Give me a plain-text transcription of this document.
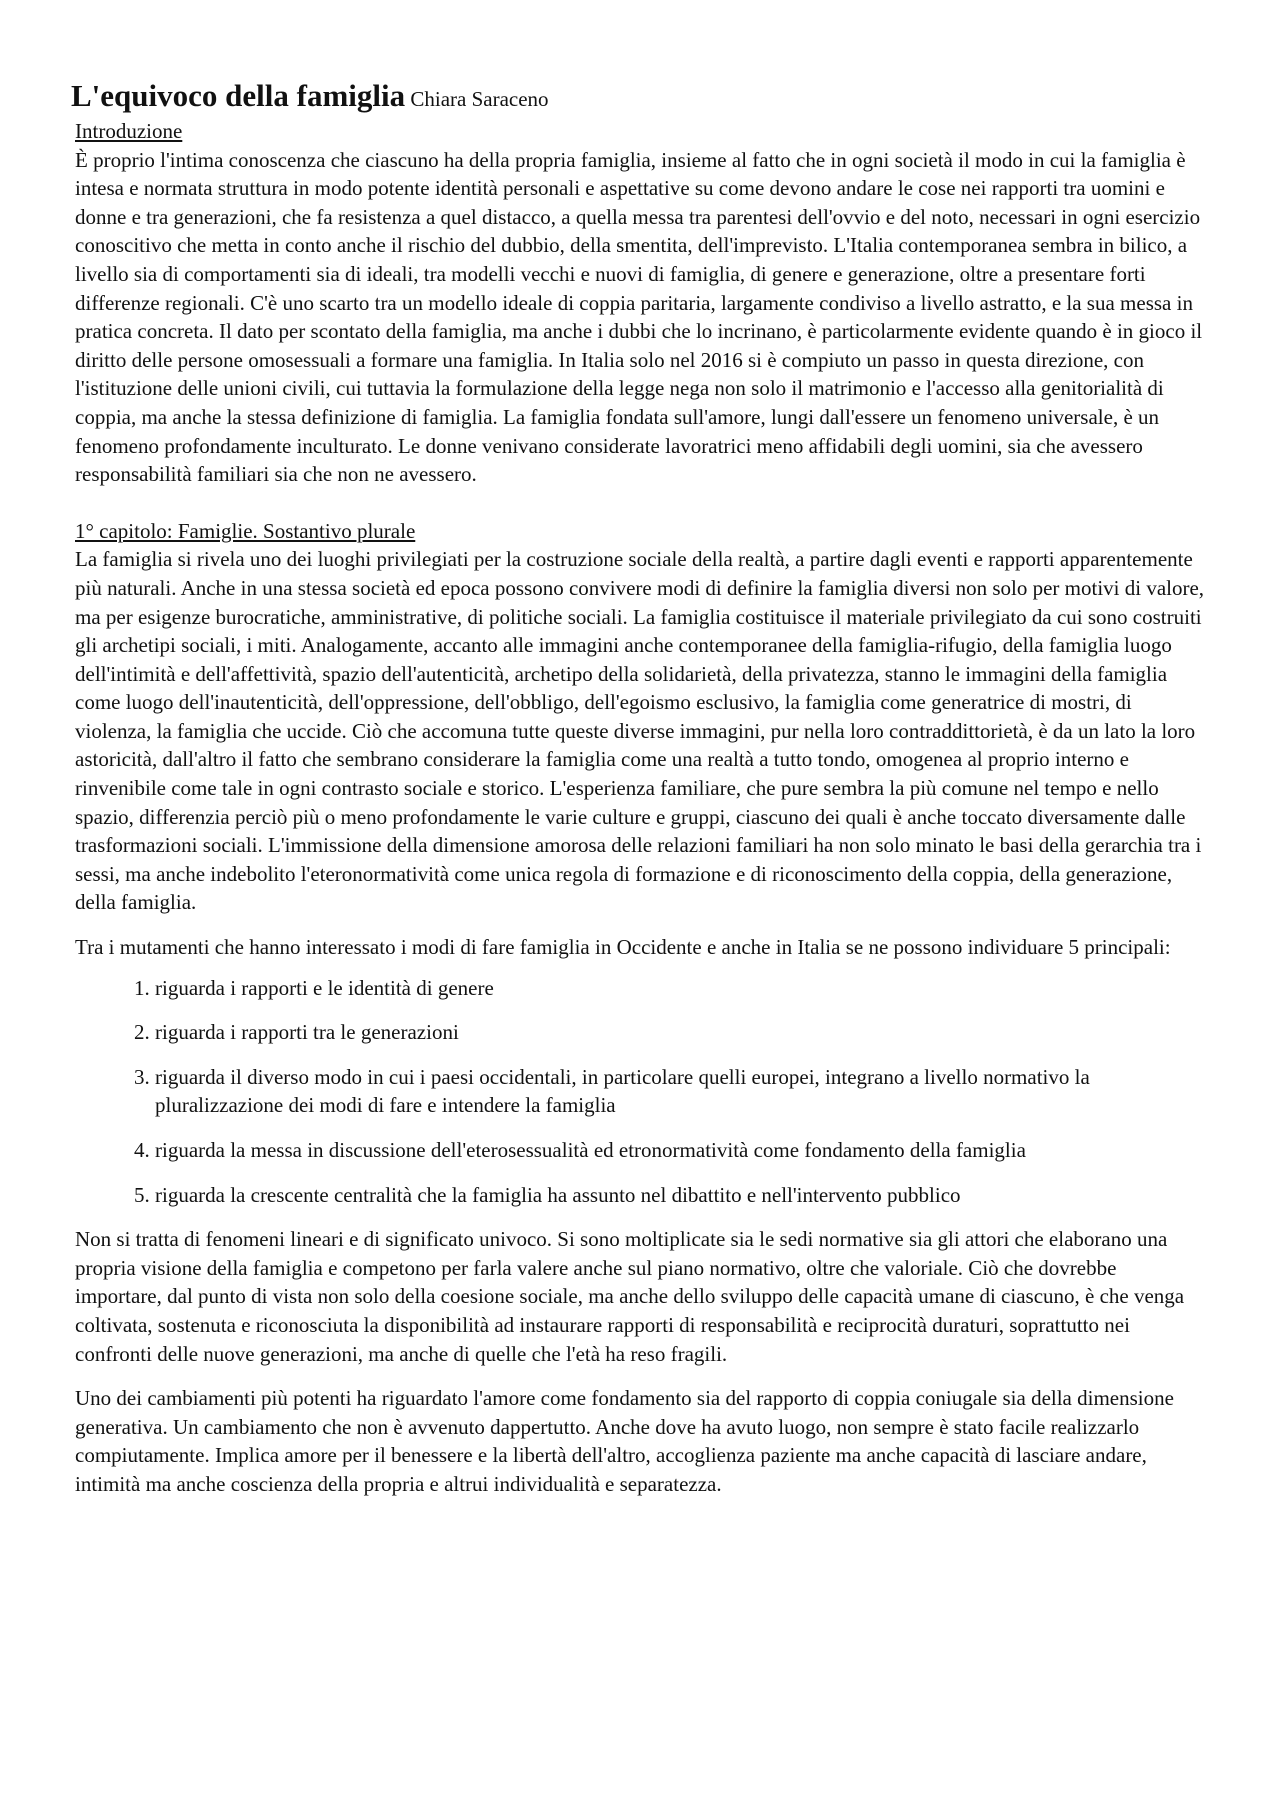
L'equivoco della famiglia Chiara Saraceno
Introduzione

È proprio l'intima conoscenza che ciascuno ha della propria famiglia, insieme al fatto che in ogni società il modo in cui la famiglia è intesa e normata struttura in modo potente identità personali e aspettative su come devono andare le cose nei rapporti tra uomini e donne e tra generazioni, che fa resistenza a quel distacco, a quella messa tra parentesi dell'ovvio e del noto, necessari in ogni esercizio conoscitivo che metta in conto anche il rischio del dubbio, della smentita, dell'imprevisto. L'Italia contemporanea sembra in bilico, a livello sia di comportamenti sia di ideali, tra modelli vecchi e nuovi di famiglia, di genere e generazione, oltre a presentare forti differenze regionali. C'è uno scarto tra un modello ideale di coppia paritaria, largamente condiviso a livello astratto, e la sua messa in pratica concreta. Il dato per scontato della famiglia, ma anche i dubbi che lo incrinano, è particolarmente evidente quando è in gioco il diritto delle persone omosessuali a formare una famiglia. In Italia solo nel 2016 si è compiuto un passo in questa direzione, con l'istituzione delle unioni civili, cui tuttavia la formulazione della legge nega non solo il matrimonio e l'accesso alla genitorialità di coppia, ma anche la stessa definizione di famiglia. La famiglia fondata sull'amore, lungi dall'essere un fenomeno universale, è un fenomeno profondamente inculturato. Le donne venivano considerate lavoratrici meno affidabili degli uomini, sia che avessero responsabilità familiari sia che non ne avessero.

1° capitolo: Famiglie. Sostantivo plurale

La famiglia si rivela uno dei luoghi privilegiati per la costruzione sociale della realtà, a partire dagli eventi e rapporti apparentemente più naturali. Anche in una stessa società ed epoca possono convivere modi di definire la famiglia diversi non solo per motivi di valore, ma per esigenze burocratiche, amministrative, di politiche sociali. La famiglia costituisce il materiale privilegiato da cui sono costruiti gli archetipi sociali, i miti. Analogamente, accanto alle immagini anche contemporanee della famiglia-rifugio, della famiglia luogo dell'intimità e dell'affettività, spazio dell'autenticità, archetipo della solidarietà, della privatezza, stanno le immagini della famiglia come luogo dell'inautenticità, dell'oppressione, dell'obbligo, dell'egoismo esclusivo, la famiglia come generatrice di mostri, di violenza, la famiglia che uccide. Ciò che accomuna tutte queste diverse immagini, pur nella loro contraddittorietà, è da un lato la loro astoricità, dall'altro il fatto che sembrano considerare la famiglia come una realtà a tutto tondo, omogenea al proprio interno e rinvenibile come tale in ogni contrasto sociale e storico. L'esperienza familiare, che pure sembra la più comune nel tempo e nello spazio, differenzia perciò più o meno profondamente le varie culture e gruppi, ciascuno dei quali è anche toccato diversamente dalle trasformazioni sociali. L'immissione della dimensione amorosa delle relazioni familiari ha non solo minato le basi della gerarchia tra i sessi, ma anche indebolito l'eteronormatività come unica regola di formazione e di riconoscimento della coppia, della generazione, della famiglia.

Tra i mutamenti che hanno interessato i modi di fare famiglia in Occidente e anche in Italia se ne possono individuare 5 principali:

1. riguarda i rapporti e le identità di genere
2. riguarda i rapporti tra le generazioni
3. riguarda il diverso modo in cui i paesi occidentali, in particolare quelli europei, integrano a livello normativo la pluralizzazione dei modi di fare e intendere la famiglia
4. riguarda la messa in discussione dell'eterosessualità ed etronormatività come fondamento della famiglia
5. riguarda la crescente centralità che la famiglia ha assunto nel dibattito e nell'intervento pubblico

Non si tratta di fenomeni lineari e di significato univoco. Si sono moltiplicate sia le sedi normative sia gli attori che elaborano una propria visione della famiglia e competono per farla valere anche sul piano normativo, oltre che valoriale. Ciò che dovrebbe importare, dal punto di vista non solo della coesione sociale, ma anche dello sviluppo delle capacità umane di ciascuno, è che venga coltivata, sostenuta e riconosciuta la disponibilità ad instaurare rapporti di responsabilità e reciprocità duraturi, soprattutto nei confronti delle nuove generazioni, ma anche di quelle che l'età ha reso fragili.

Uno dei cambiamenti più potenti ha riguardato l'amore come fondamento sia del rapporto di coppia coniugale sia della dimensione generativa. Un cambiamento che non è avvenuto dappertutto. Anche dove ha avuto luogo, non sempre è stato facile realizzarlo compiutamente. Implica amore per il benessere e la libertà dell'altro, accoglienza paziente ma anche capacità di lasciare andare, intimità ma anche coscienza della propria e altrui individualità e separatezza.
